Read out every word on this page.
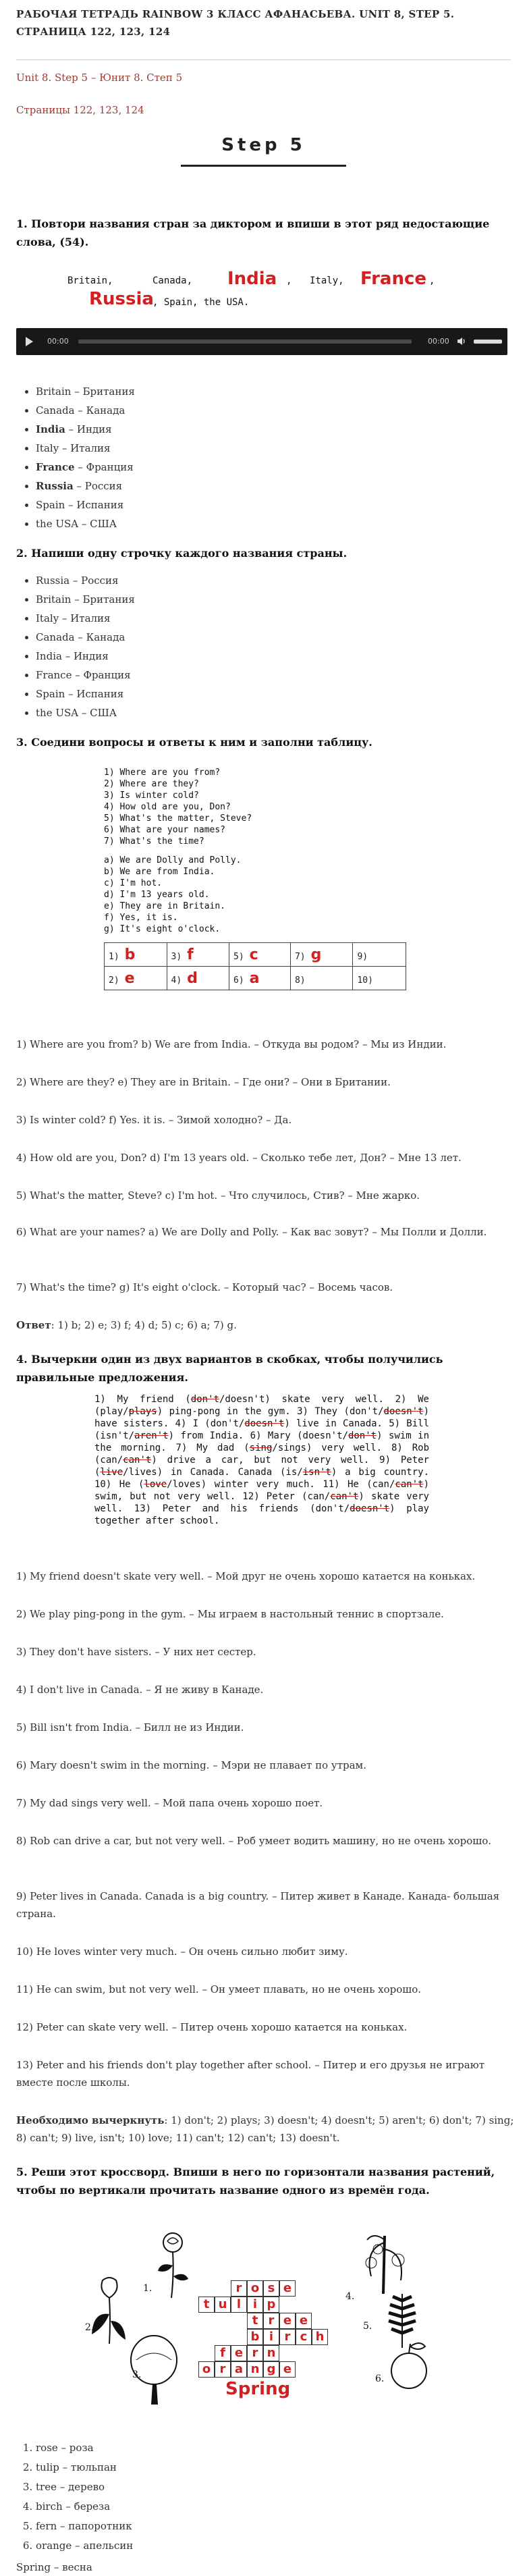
РАБОЧАЯ ТЕТРАДЬ RAINBOW 3 КЛАСС АФАНАСЬЕВА. UNIT 8, STEP 5. СТРАНИЦА 122, 123, 124
Unit 8. Step 5 – Юнит 8. Степ 5
Страницы 122, 123, 124
Step 5
1. Повтори названия стран за диктором и впиши в этот ряд недостающие слова, (54).
Britain,	Canada, India , Italy, France ,
Russia
, Spain, the USA.
00:00	00:00
• Britain – Британия
• Canada – Канада
• India – Индия
• Italy – Италия
• France – Франция
• Russia – Россия
• Spain – Испания
• the USA – США
2. Напиши одну строчку каждого названия страны.
• Russia – Россия
• Britain – Британия
• Italy – Италия
• Canada – Канада
• India – Индия
• France – Франция
• Spain – Испания
• the USA – США
3. Соедини вопросы и ответы к ним и заполни таблицу.
1) Where are you from?
2) Where are they?
3) Is winter cold?
4) How old are you, Don?
5) What's the matter, Steve?
6) What are your names?
7) What's the time?
a) We are Dolly and Polly.
b) We are from India.
c) I'm hot.
d) I'm 13 years old.
e) They are in Britain.
f) Yes, it is.
g) It's eight o'clock.
1) b	3) f	5) c	7) g	9)
2) e	4) d	6) a	8)	10)
1) Where are you from? b) We are from India. – Откуда вы родом? – Мы из Индии.
2) Where are they? e) They are in Britain. – Где они? – Они в Британии.
3) Is winter cold? f) Yes. it is. – Зимой холодно? – Да.
4) How old are you, Don? d) I'm 13 years old. – Сколько тебе лет, Дон? – Мне 13 лет.
5) What's the matter, Steve? c) I'm hot. – Что случилось, Стив? – Мне жарко.
6) What are your names? a) We are Dolly and Polly. – Как вас зовут? – Мы Полли и Долли.
7) What's the time? g) It's eight o'clock. – Который час? – Восемь часов.
Ответ: 1) b; 2) e; 3) f; 4) d; 5) c; 6) a; 7) g.
4. Вычеркни один из двух вариантов в скобках, чтобы получились правильные предложения.
1) My friend (don't/doesn't) skate very well. 2) We (play/plays) ping-pong in the gym. 3) They (don't/doesn't) have sisters. 4) I (don't/doesn't) live in Canada. 5) Bill (isn't/aren't) from India. 6) Mary (doesn't/don't) swim in the morning. 7) My dad (sing/sings) very well. 8) Rob (can/can't) drive a car, but not very well. 9) Peter (live/lives) in Canada. Canada (is/isn't) a big country. 10) He (love/loves) winter very much. 11) He (can/can't) swim, but not very well. 12) Peter (can/can't) skate very well. 13) Peter and his friends (don't/doesn't) play together after school.
1) My friend doesn't skate very well. – Мой друг не очень хорошо катается на коньках.
2) We play ping-pong in the gym. – Мы играем в настольный теннис в спортзале.
3) They don't have sisters. – У них нет сестер.
4) I don't live in Canada. – Я не живу в Канаде.
5) Bill isn't from India. – Билл не из Индии.
6) Mary doesn't swim in the morning. – Мэри не плавает по утрам.
7) My dad sings very well. – Мой папа очень хорошо поет.
8) Rob can drive a car, but not very well. – Роб умеет водить машину, но не очень хорошо.
9) Peter lives in Canada. Canada is a big country. – Питер живет в Канаде. Канада- большая страна.
10) He loves winter very much. – Он очень сильно любит зиму.
11) He can swim, but not very well. – Он умеет плавать, но не очень хорошо.
12) Peter can skate very well. – Питер очень хорошо катается на коньках.
13) Peter and his friends don't play together after school. – Питер и его друзья не играют вместе после школы.
Необходимо вычеркнуть: 1) don't; 2) plays; 3) doesn't; 4) doesn't; 5) aren't; 6) don't; 7) sing; 8) can't; 9) live, isn't; 10) love; 11) can't; 12) can't; 13) doesn't.
5. Реши этот кроссворд. Впиши в него по горизонтали названия растений, чтобы по вертикали прочитать название одного из времён года.
1.
2.
3.
4.
5.
6.
r o s e
t u l i p
t r e e
b i r c h
f e r n
o r a n g e
Spring
1. rose – роза
2. tulip – тюльпан
3. tree – дерево
4. birch – береза
5. fern – папоротник
6. orange – апельсин
Spring – весна
